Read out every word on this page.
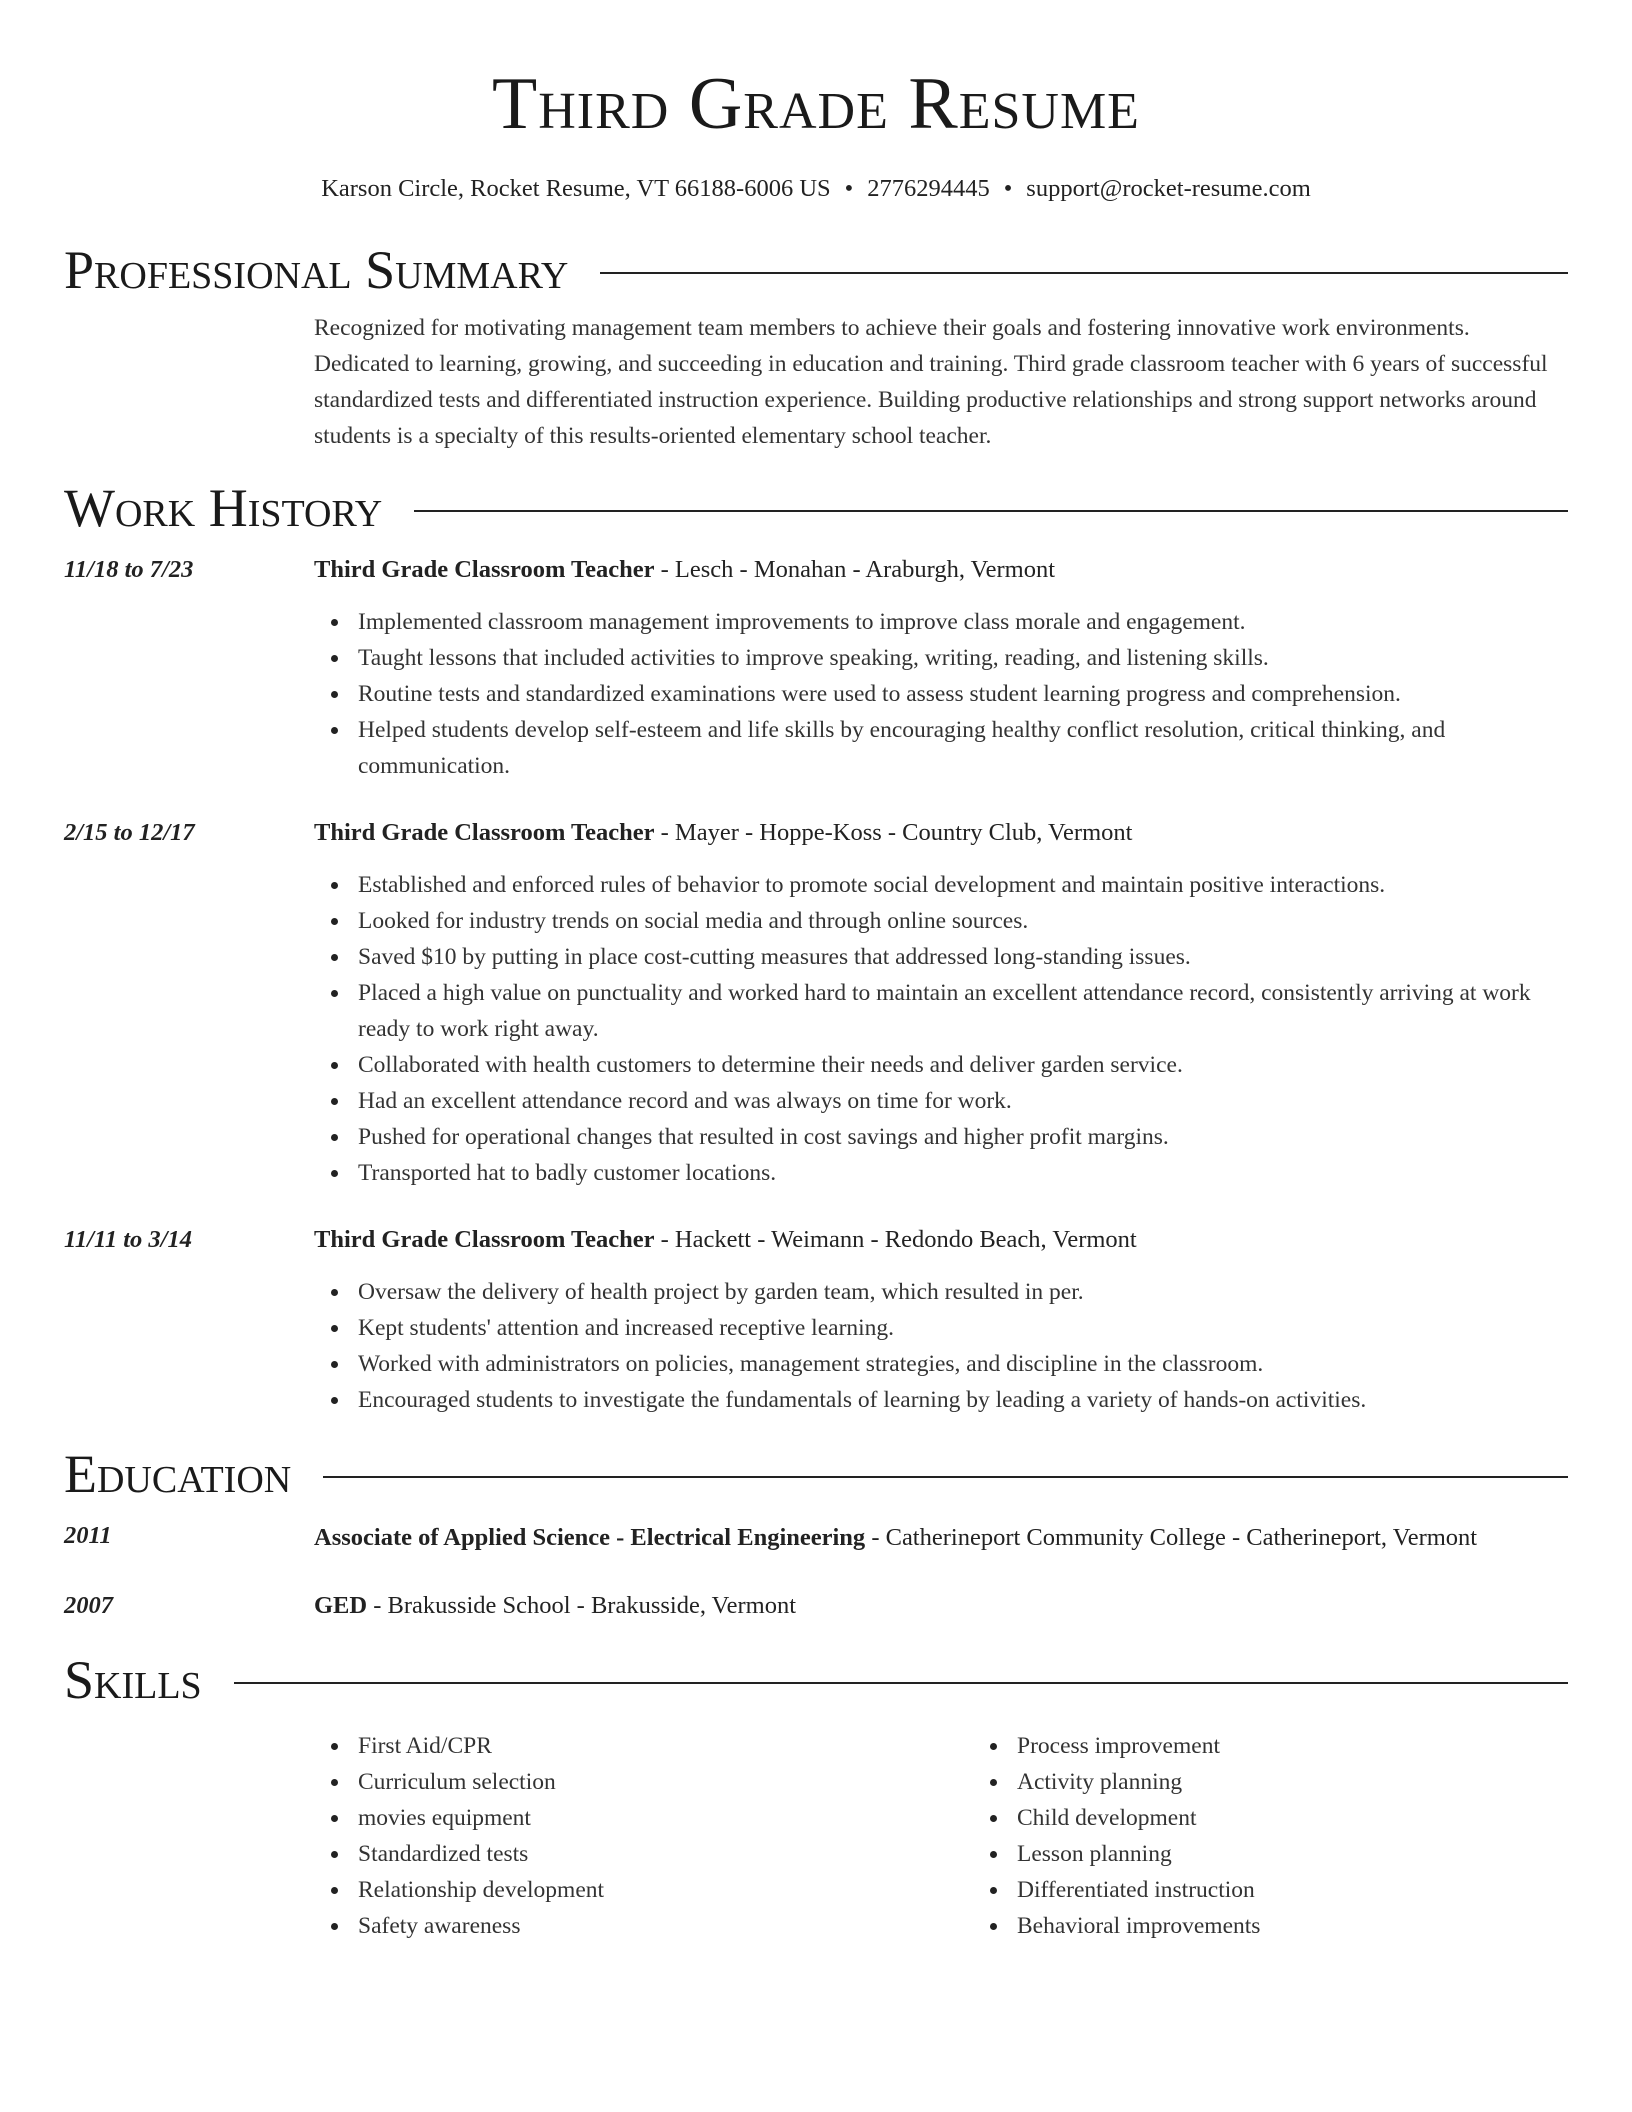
Third Grade Resume
Karson Circle, Rocket Resume, VT 66188-6006 US • 2776294445 • support@rocket-resume.com
Professional Summary
Recognized for motivating management team members to achieve their goals and fostering innovative work environments. Dedicated to learning, growing, and succeeding in education and training. Third grade classroom teacher with 6 years of successful standardized tests and differentiated instruction experience. Building productive relationships and strong support networks around students is a specialty of this results-oriented elementary school teacher.
Work History
11/18 to 7/23	Third Grade Classroom Teacher - Lesch - Monahan - Araburgh, Vermont
Implemented classroom management improvements to improve class morale and engagement.
Taught lessons that included activities to improve speaking, writing, reading, and listening skills.
Routine tests and standardized examinations were used to assess student learning progress and comprehension.
Helped students develop self-esteem and life skills by encouraging healthy conflict resolution, critical thinking, and communication.
2/15 to 12/17	Third Grade Classroom Teacher - Mayer - Hoppe-Koss - Country Club, Vermont
Established and enforced rules of behavior to promote social development and maintain positive interactions.
Looked for industry trends on social media and through online sources.
Saved $10 by putting in place cost-cutting measures that addressed long-standing issues.
Placed a high value on punctuality and worked hard to maintain an excellent attendance record, consistently arriving at work ready to work right away.
Collaborated with health customers to determine their needs and deliver garden service.
Had an excellent attendance record and was always on time for work.
Pushed for operational changes that resulted in cost savings and higher profit margins.
Transported hat to badly customer locations.
11/11 to 3/14	Third Grade Classroom Teacher - Hackett - Weimann - Redondo Beach, Vermont
Oversaw the delivery of health project by garden team, which resulted in per.
Kept students' attention and increased receptive learning.
Worked with administrators on policies, management strategies, and discipline in the classroom.
Encouraged students to investigate the fundamentals of learning by leading a variety of hands-on activities.
Education
2011	Associate of Applied Science - Electrical Engineering - Catherineport Community College - Catherineport, Vermont
2007	GED - Brakusside School - Brakusside, Vermont
Skills
First Aid/CPR
Curriculum selection
movies equipment
Standardized tests
Relationship development
Safety awareness
Process improvement
Activity planning
Child development
Lesson planning
Differentiated instruction
Behavioral improvements
